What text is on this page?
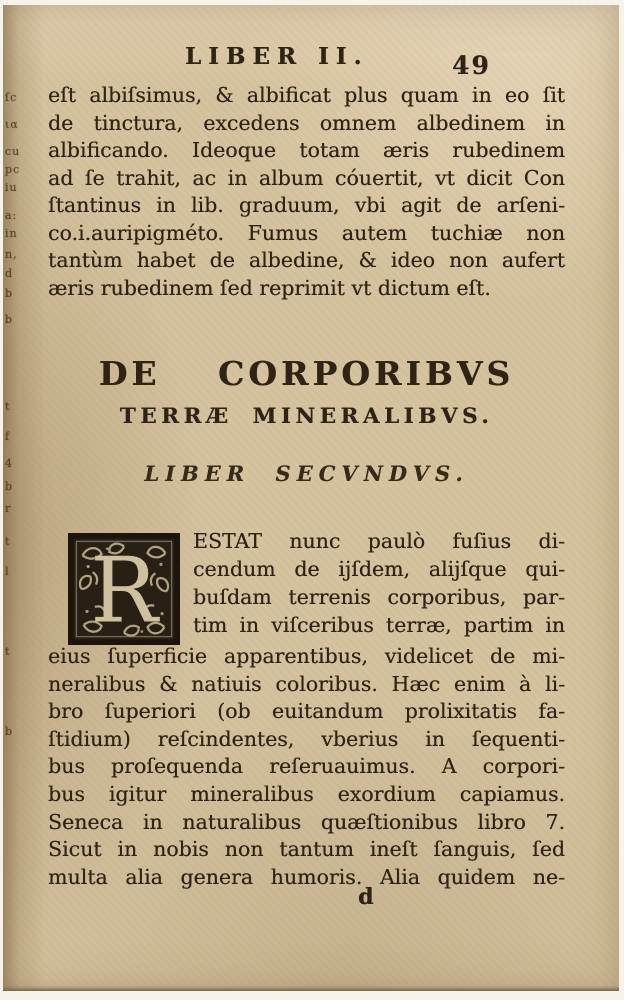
ſc
ια
cu
pc
iu
a:
in
n,
d
b
b
t
f
4
b
r
t
l
t
b
LIBER II.	49
eſt albiſsimus, & albificat plus quam in eo ſit
de tinctura, excedens omnem albedinem in
albificando. Ideoque totam æris rubedinem
ad ſe trahit, ac in album cóuertit, vt dicit Con
ſtantinus in lib. graduum, vbi agit de arſeni-
co.i.auripigméto. Fumus autem tuchiæ non
tantùm habet de albedine, & ideo non aufert
æris rubedinem ſed reprimit vt dictum eſt.
DE CORPORIBVS
TERRÆ MINERALIBVS.
LIBER SECVNDVS.
R ESTAT nunc paulò fuſius di-
cendum de ijſdem, alijſque qui-
buſdam terrenis corporibus, par-
tim in viſceribus terræ, partim in
eius ſuperficie apparentibus, videlicet de mi-
neralibus & natiuis coloribus. Hæc enim à li-
bro ſuperiori (ob euitandum prolixitatis fa-
ſtidium) reſcindentes, vberius in ſequenti-
bus proſequenda reſeruauimus. A corpori-
bus igitur mineralibus exordium capiamus.
Seneca in naturalibus quæſtionibus libro 7.
Sicut in nobis non tantum ineſt ſanguis, ſed
multa alia genera humoris. Alia quidem ne-
d
